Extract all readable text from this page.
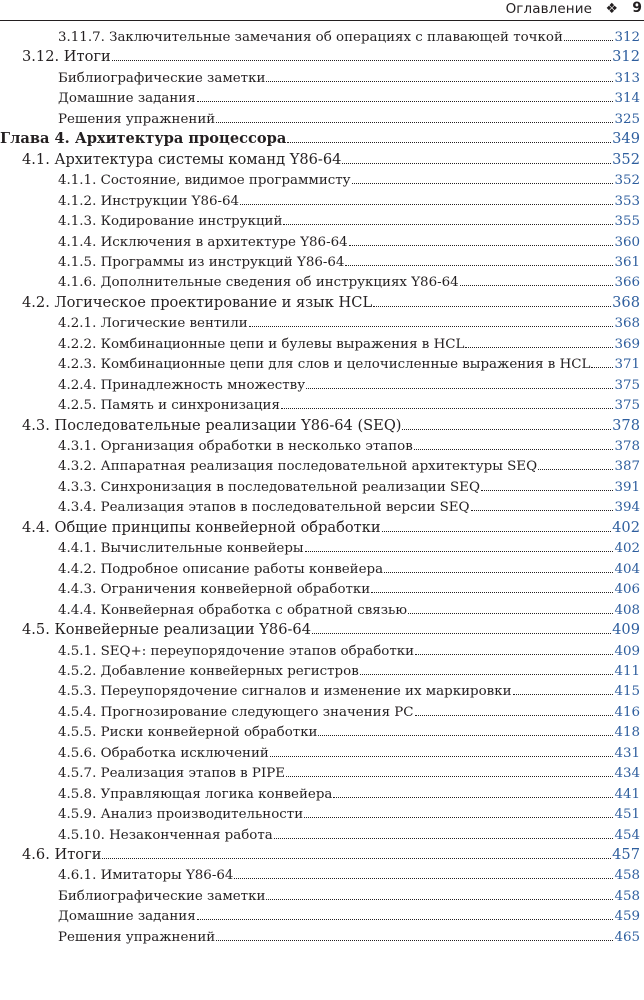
Оглавление ❖ 9
3.11.7. Заключительные замечания об операциях с плавающей точкой	312
3.12. Итоги	312
Библиографические заметки	313
Домашние задания	314
Решения упражнений	325
Глава 4. Архитектура процессора	349
4.1. Архитектура системы команд Y86-64	352
4.1.1. Состояние, видимое программисту	352
4.1.2. Инструкции Y86-64	353
4.1.3. Кодирование инструкций	355
4.1.4. Исключения в архитектуре Y86-64	360
4.1.5. Программы из инструкций Y86-64	361
4.1.6. Дополнительные сведения об инструкциях Y86-64	366
4.2. Логическое проектирование и язык HCL	368
4.2.1. Логические вентили	368
4.2.2. Комбинационные цепи и булевы выражения в HCL	369
4.2.3. Комбинационные цепи для слов и целочисленные выражения в HCL 371
4.2.4. Принадлежность множеству	375
4.2.5. Память и синхронизация	375
4.3. Последовательные реализации Y86-64 (SEQ)	378
4.3.1. Организация обработки в несколько этапов	378
4.3.2. Аппаратная реализация последовательной архитектуры SEQ	387
4.3.3. Синхронизация в последовательной реализации SEQ	391
4.3.4. Реализация этапов в последовательной версии SEQ	394
4.4. Общие принципы конвейерной обработки	402
4.4.1. Вычислительные конвейеры	402
4.4.2. Подробное описание работы конвейера	404
4.4.3. Ограничения конвейерной обработки	406
4.4.4. Конвейерная обработка с обратной связью	408
4.5. Конвейерные реализации Y86-64	409
4.5.1. SEQ+: переупорядочение этапов обработки	409
4.5.2. Добавление конвейерных регистров	411
4.5.3. Переупорядочение сигналов и изменение их маркировки	415
4.5.4. Прогнозирование следующего значения PC	416
4.5.5. Риски конвейерной обработки	418
4.5.6. Обработка исключений	431
4.5.7. Реализация этапов в PIPE	434
4.5.8. Управляющая логика конвейера	441
4.5.9. Анализ производительности	451
4.5.10. Незаконченная работа	454
4.6. Итоги	457
4.6.1. Имитаторы Y86-64	458
Библиографические заметки	458
Домашние задания	459
Решения упражнений	465
